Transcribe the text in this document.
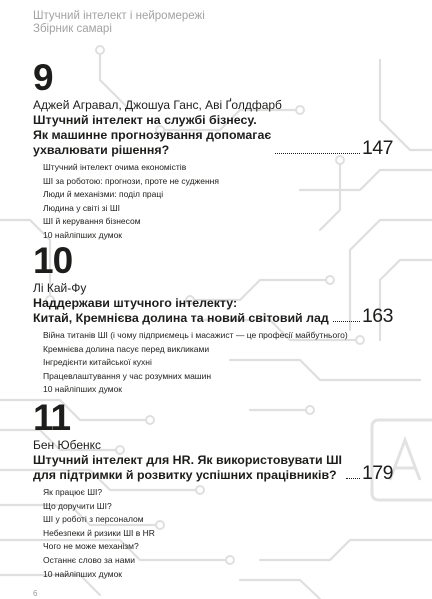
Штучний інтелект і нейромережі
Збірник самарі
9
Аджей Агравал, Джошуа Ганс, Аві Ґолдфарб
Штучний інтелект на службі бізнесу.
Як машинне прогнозування допомагає
ухвалювати рішення?	147
Штучний інтелект очима економістів
ШІ за роботою: прогнози, проте не судження
Люди й механізми: поділ праці
Людина у світі зі ШІ
ШІ й керування бізнесом
10 найліпших думок
10
Лі Кай-Фу
Наддержави штучного інтелекту:
Китай, Кремнієва долина та новий світовий лад 163
Війна титанів ШІ (і чому підприємець і масажист — це професії майбутнього)
Кремнієва долина пасує перед викликами
Інгредієнти китайської кухні
Працевлаштування у час розумних машин
10 найліпших думок
11
Бен Юбенкс
Штучний інтелект для HR. Як використовувати ШІ
для підтримки й розвитку успішних працівників? 179
Як працює ШІ?
Що доручити ШІ?
ШІ у роботі з персоналом
Небезпеки й ризики ШІ в HR
Чого не може механізм?
Останнє слово за нами
10 найліпших думок
6
